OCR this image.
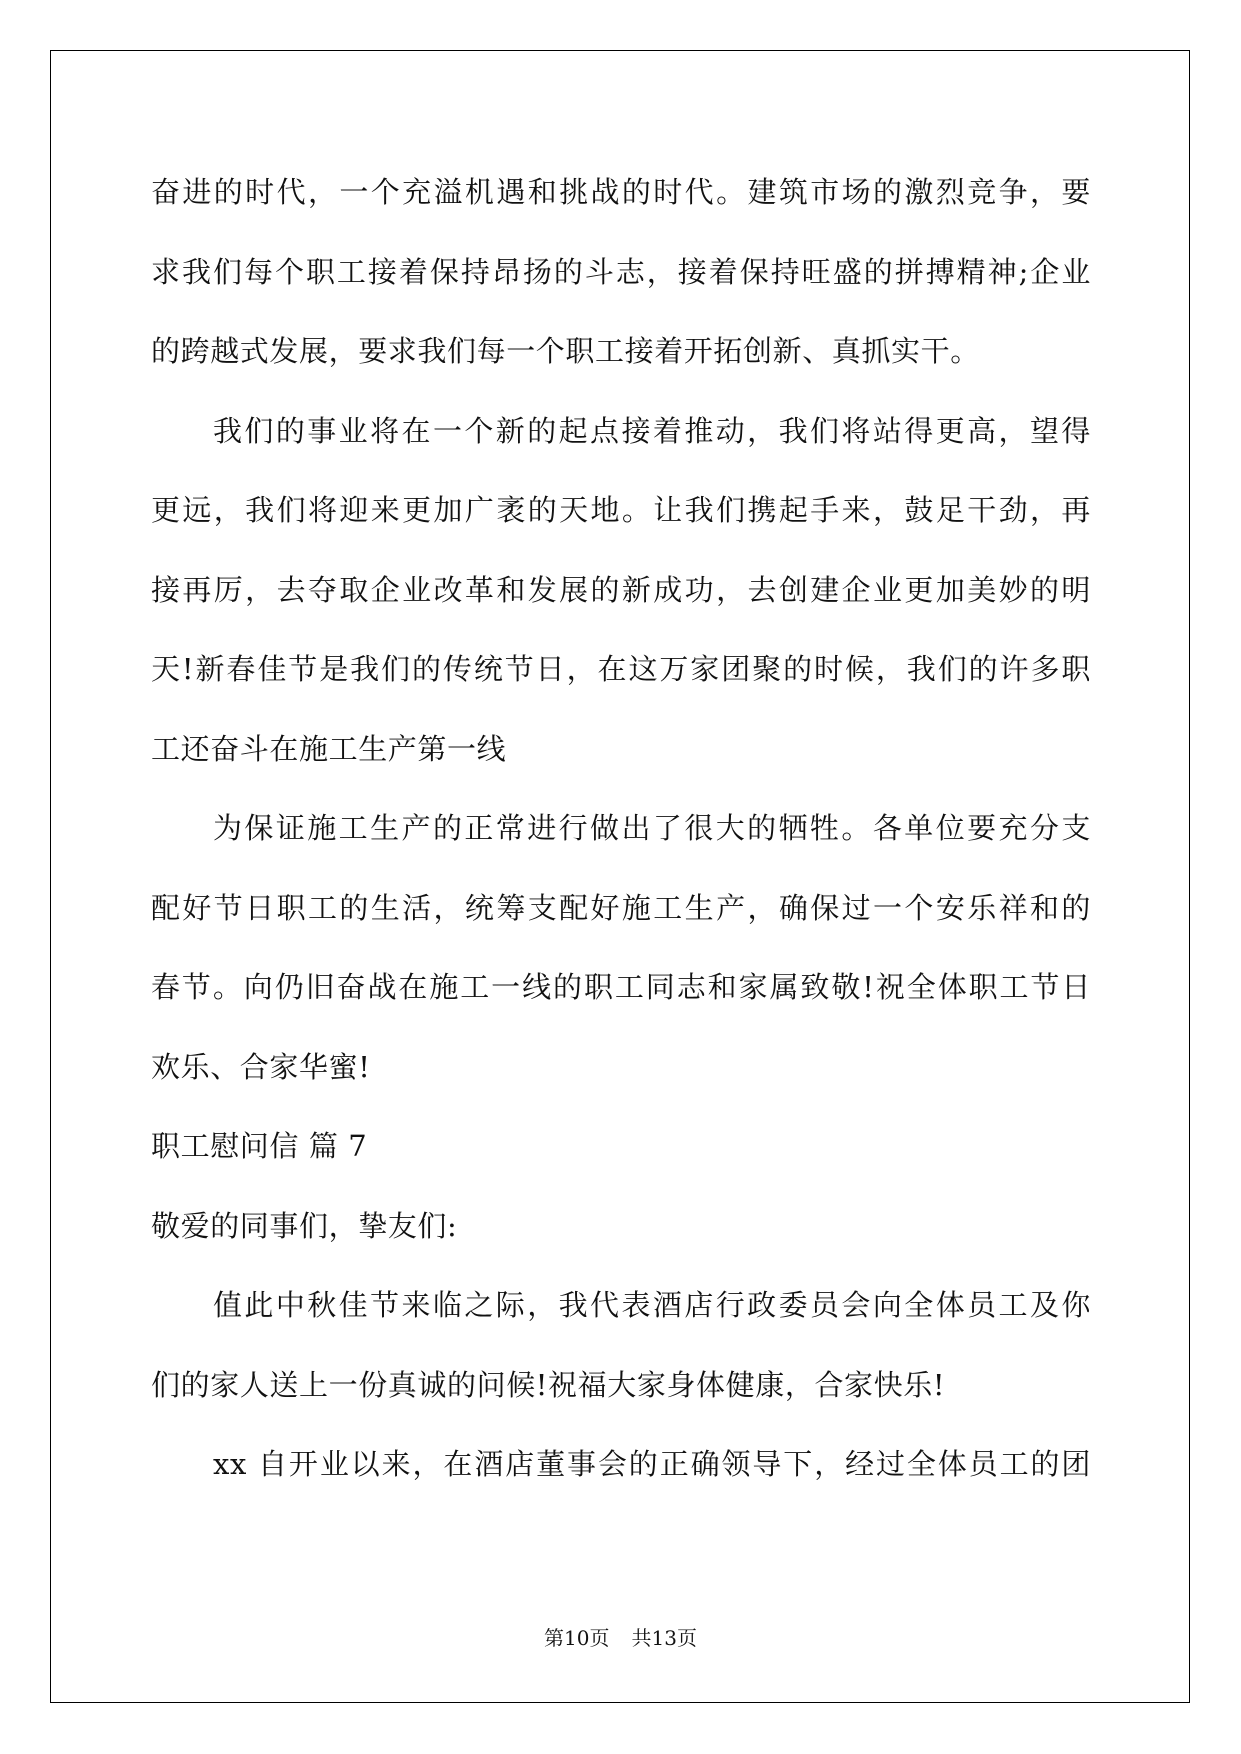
奋进的时代，一个充溢机遇和挑战的时代。建筑市场的激烈竞争，要
求我们每个职工接着保持昂扬的斗志，接着保持旺盛的拼搏精神;企业
的跨越式发展，要求我们每一个职工接着开拓创新、真抓实干。
我们的事业将在一个新的起点接着推动，我们将站得更高，望得
更远，我们将迎来更加广袤的天地。让我们携起手来，鼓足干劲，再
接再厉，去夺取企业改革和发展的新成功，去创建企业更加美妙的明
天!新春佳节是我们的传统节日，在这万家团聚的时候，我们的许多职
工还奋斗在施工生产第一线
为保证施工生产的正常进行做出了很大的牺牲。各单位要充分支
配好节日职工的生活，统筹支配好施工生产，确保过一个安乐祥和的
春节。向仍旧奋战在施工一线的职工同志和家属致敬!祝全体职工节日
欢乐、合家华蜜!
职工慰问信 篇 7
敬爱的同事们，挚友们:
值此中秋佳节来临之际，我代表酒店行政委员会向全体员工及你
们的家人送上一份真诚的问候!祝福大家身体健康，合家快乐!
xx 自开业以来，在酒店董事会的正确领导下，经过全体员工的团
第10页 共13页
